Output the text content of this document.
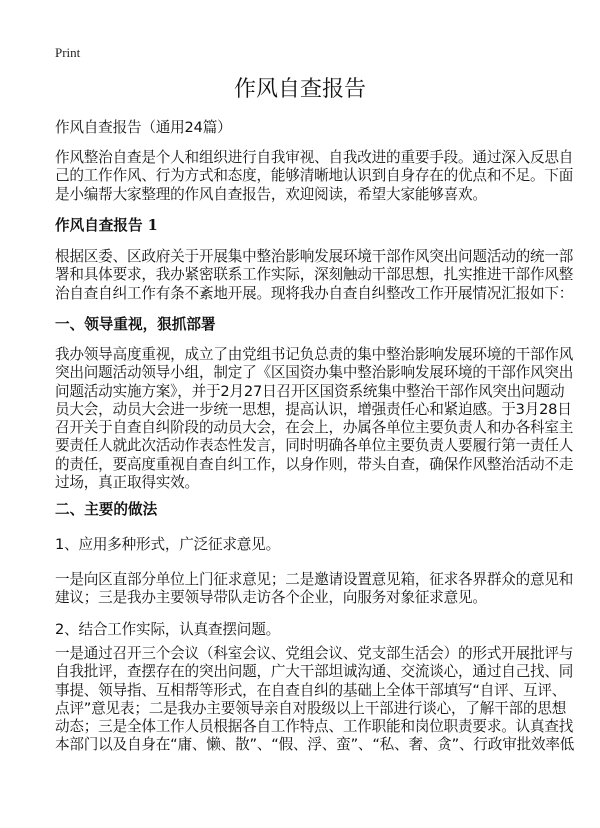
Print
作风自查报告
作风自查报告（通用24篇）
作风整治自查是个人和组织进行自我审视、自我改进的重要手段。通过深入反思自
己的工作作风、行为方式和态度，能够清晰地认识到自身存在的优点和不足。下面
是小编帮大家整理的作风自查报告，欢迎阅读，希望大家能够喜欢。
作风自查报告 1
根据区委、区政府关于开展集中整治影响发展环境干部作风突出问题活动的统一部
署和具体要求，我办紧密联系工作实际，深刻触动干部思想，扎实推进干部作风整
治自查自纠工作有条不紊地开展。现将我办自查自纠整改工作开展情况汇报如下：
一、领导重视，狠抓部署
我办领导高度重视，成立了由党组书记负总责的集中整治影响发展环境的干部作风
突出问题活动领导小组，制定了《区国资办集中整治影响发展环境的干部作风突出
问题活动实施方案》，并于2月27日召开区国资系统集中整治干部作风突出问题动
员大会，动员大会进一步统一思想，提高认识，增强责任心和紧迫感。于3月28日
召开关于自查自纠阶段的动员大会，在会上，办属各单位主要负责人和办各科室主
要责任人就此次活动作表态性发言，同时明确各单位主要负责人要履行第一责任人
的责任，要高度重视自查自纠工作，以身作则，带头自查，确保作风整治活动不走
过场，真正取得实效。
二、主要的做法
1、应用多种形式，广泛征求意见。
一是向区直部分单位上门征求意见；二是邀请设置意见箱，征求各界群众的意见和
建议；三是我办主要领导带队走访各个企业，向服务对象征求意见。
2、结合工作实际，认真查摆问题。
一是通过召开三个会议（科室会议、党组会议、党支部生活会）的形式开展批评与
自我批评，查摆存在的突出问题，广大干部坦诚沟通、交流谈心，通过自己找、同
事提、领导指、互相帮等形式，在自查自纠的基础上全体干部填写“自评、互评、
点评”意见表；二是我办主要领导亲自对股级以上干部进行谈心，了解干部的思想
动态；三是全体工作人员根据各自工作特点、工作职能和岗位职责要求。认真查找
本部门以及自身在“庸、懒、散”、“假、浮、蛮”、“私、奢、贪”、行政审批效率低
